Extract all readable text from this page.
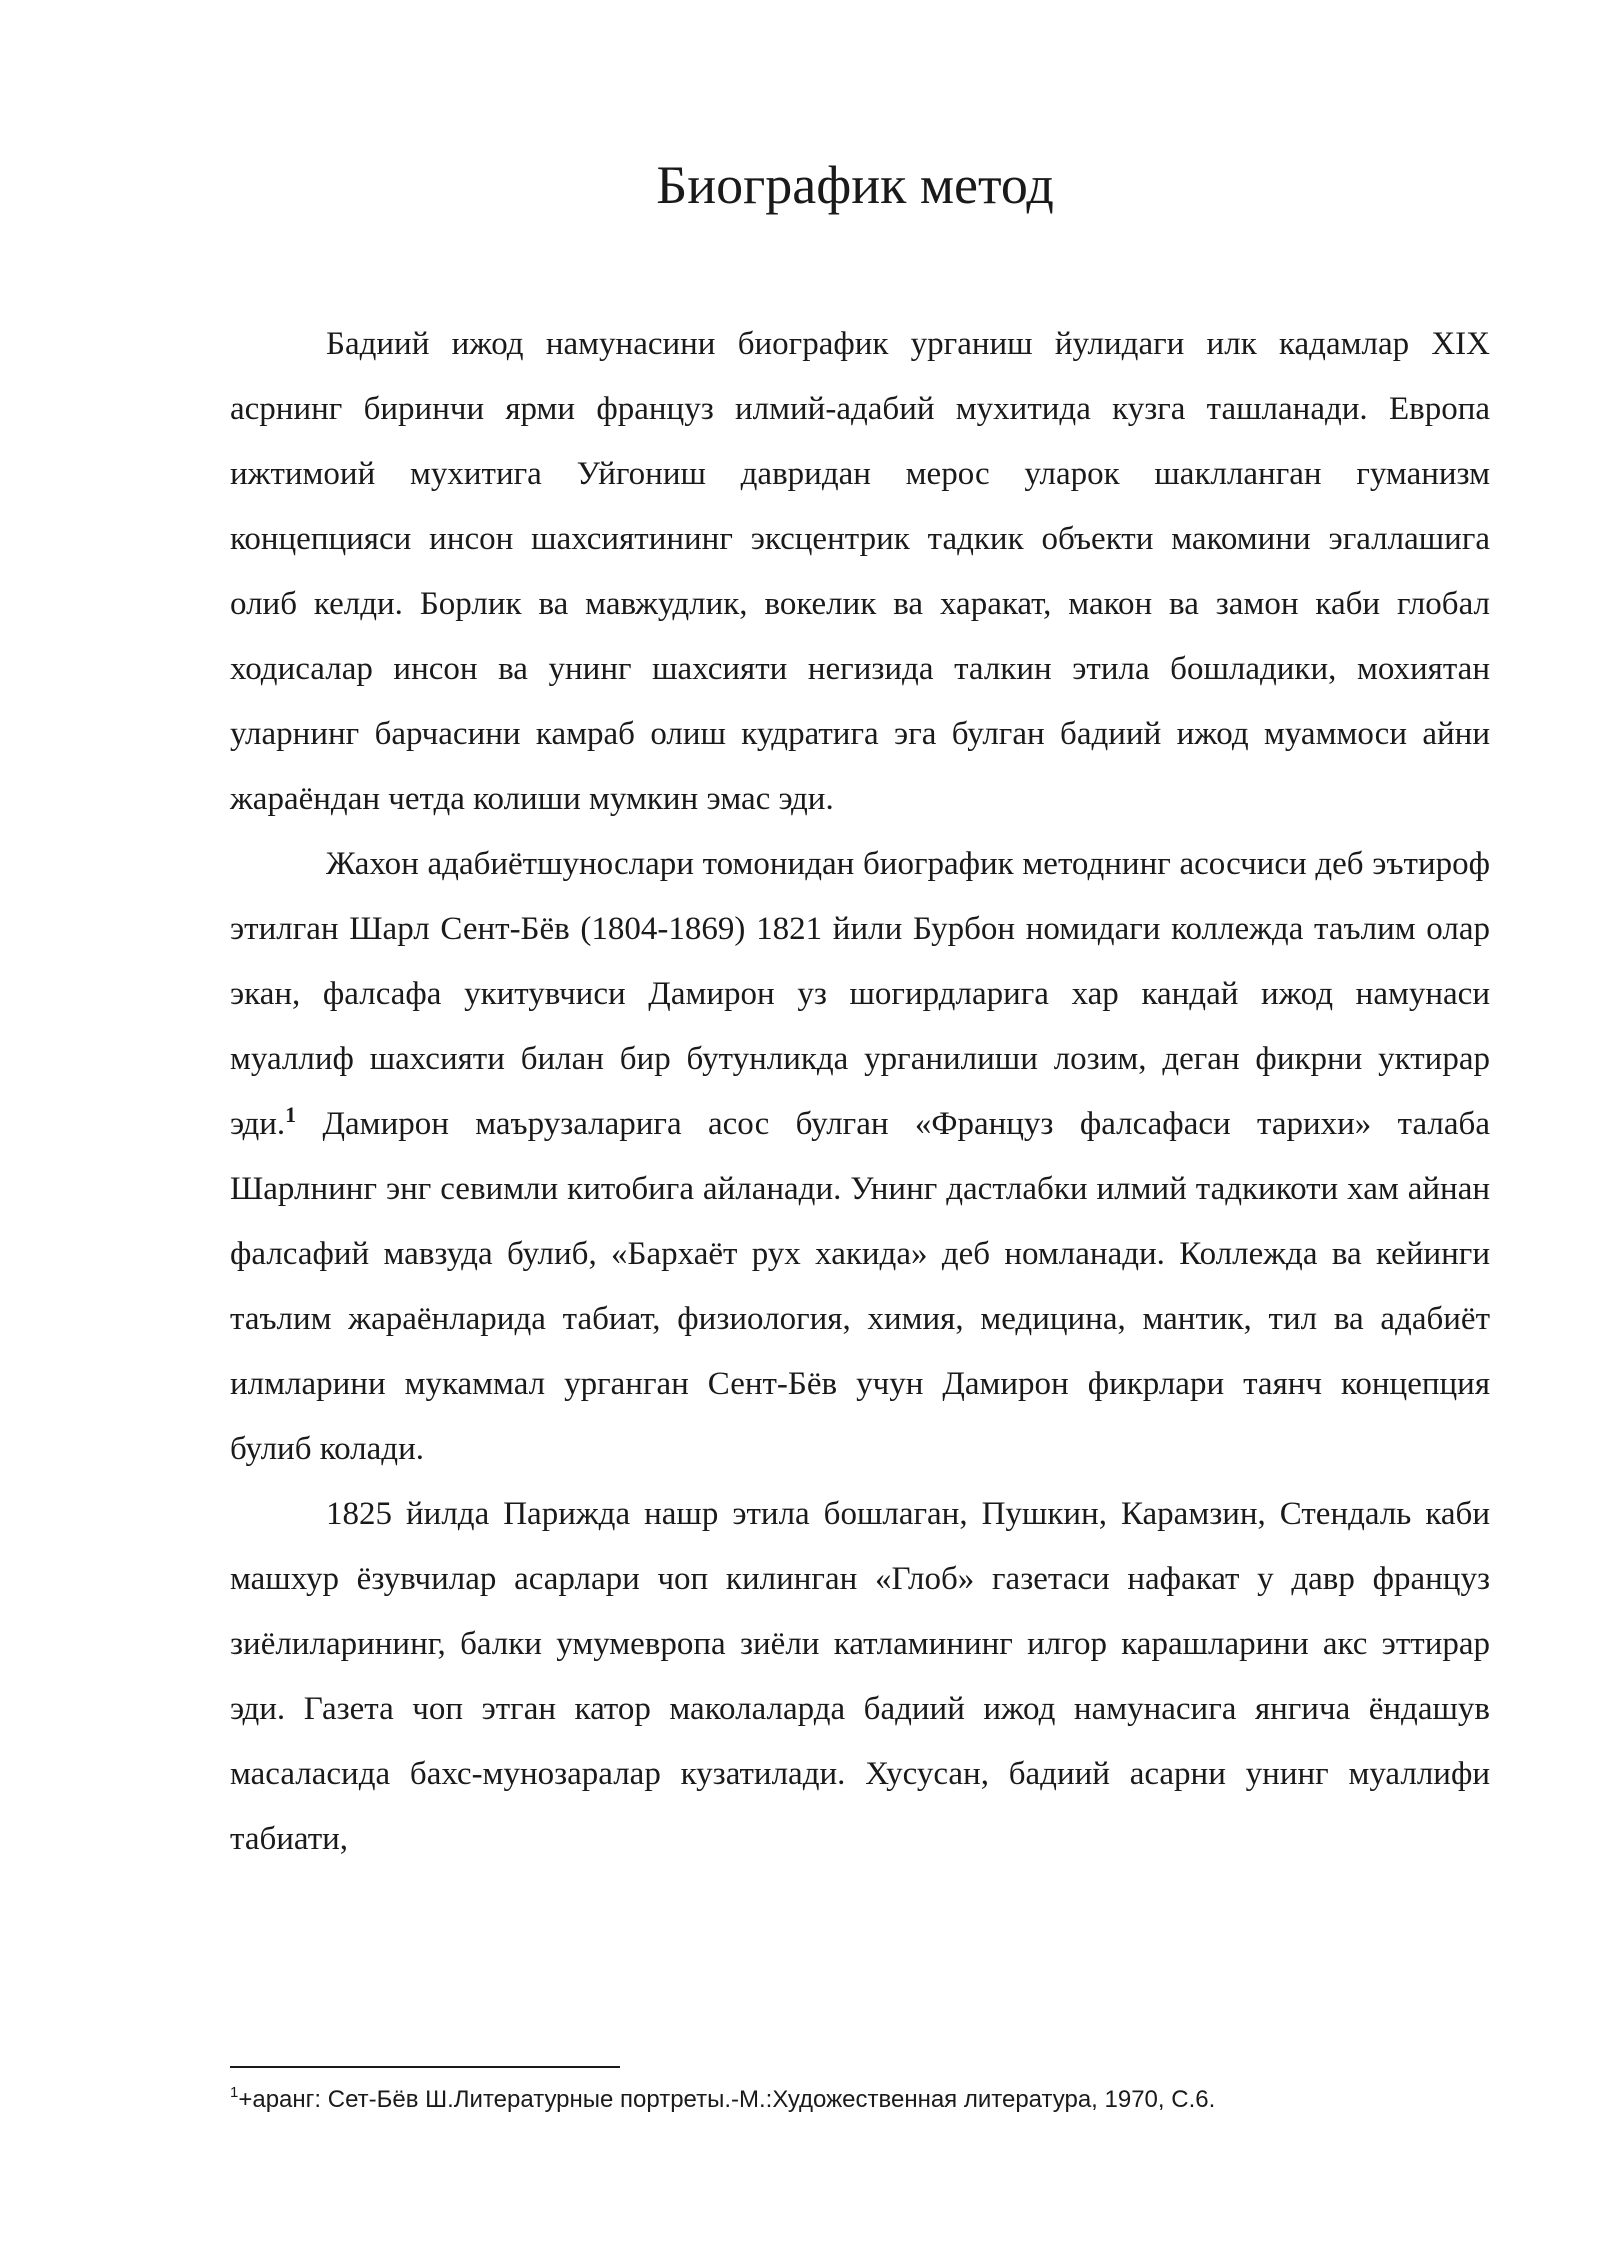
Биографик метод

Бадиий ижод намунасини биографик урганиш йулидаги илк кадамлар XIX асрнинг биринчи ярми француз илмий-адабий мухитида кузга ташланади. Европа ижтимоий мухитига Уйгониш давридан мерос уларок шаклланган гуманизм концепцияси инсон шахсиятининг эксцентрик тадкик объекти макомини эгаллашига олиб келди. Борлик ва мавжудлик, вокелик ва харакат, макон ва замон каби глобал ходисалар инсон ва унинг шахсияти негизида талкин этила бошладики, мохиятан уларнинг барчасини камраб олиш кудратига эга булган бадиий ижод муаммоси айни жараёндан четда колиши мумкин эмас эди.

Жахон адабиётшунослари томонидан биографик методнинг асосчиси деб эътироф этилган Шарл Сент-Бёв (1804-1869) 1821 йили Бурбон номидаги коллежда таълим олар экан, фалсафа укитувчиси Дамирон уз шогирдларига хар кандай ижод намунаси муаллиф шахсияти билан бир бутунликда урганилиши лозим, деган фикрни уктирар эди.$^1$ Дамирон маърузаларига асос булган «Француз фалсафаси тарихи» талаба Шарлнинг энг севимли китобига айланади. Унинг дастлабки илмий тадкикоти хам айнан фалсафий мавзуда булиб, «Бархаёт рух хакида» деб номланади. Коллежда ва кейинги таълим жараёнларида табиат, физиология, химия, медицина, мантик, тил ва адабиёт илмларини мукаммал урганган Сент-Бёв учун Дамирон фикрлари таянч концепция булиб колади.

1825 йилда Парижда нашр этила бошлаган, Пушкин, Карамзин, Стендаль каби машхур ёзувчилар асарлари чоп килинган «Глоб» газетаси нафакат у давр француз зиёлиларининг, балки умумевропа зиёли катламининг илгор карашларини акс эттирар эди. Газета чоп этган катор маколаларда бадиий ижод намунасига янгича ёндашув масаласида бахс-мунозаралар кузатилади. Хусусан, бадиий асарни унинг муаллифи табиати,

$^1$+аранг: Сет-Бёв Ш.Литературные портреты.-М.:Художественная литература, 1970, С.6.
